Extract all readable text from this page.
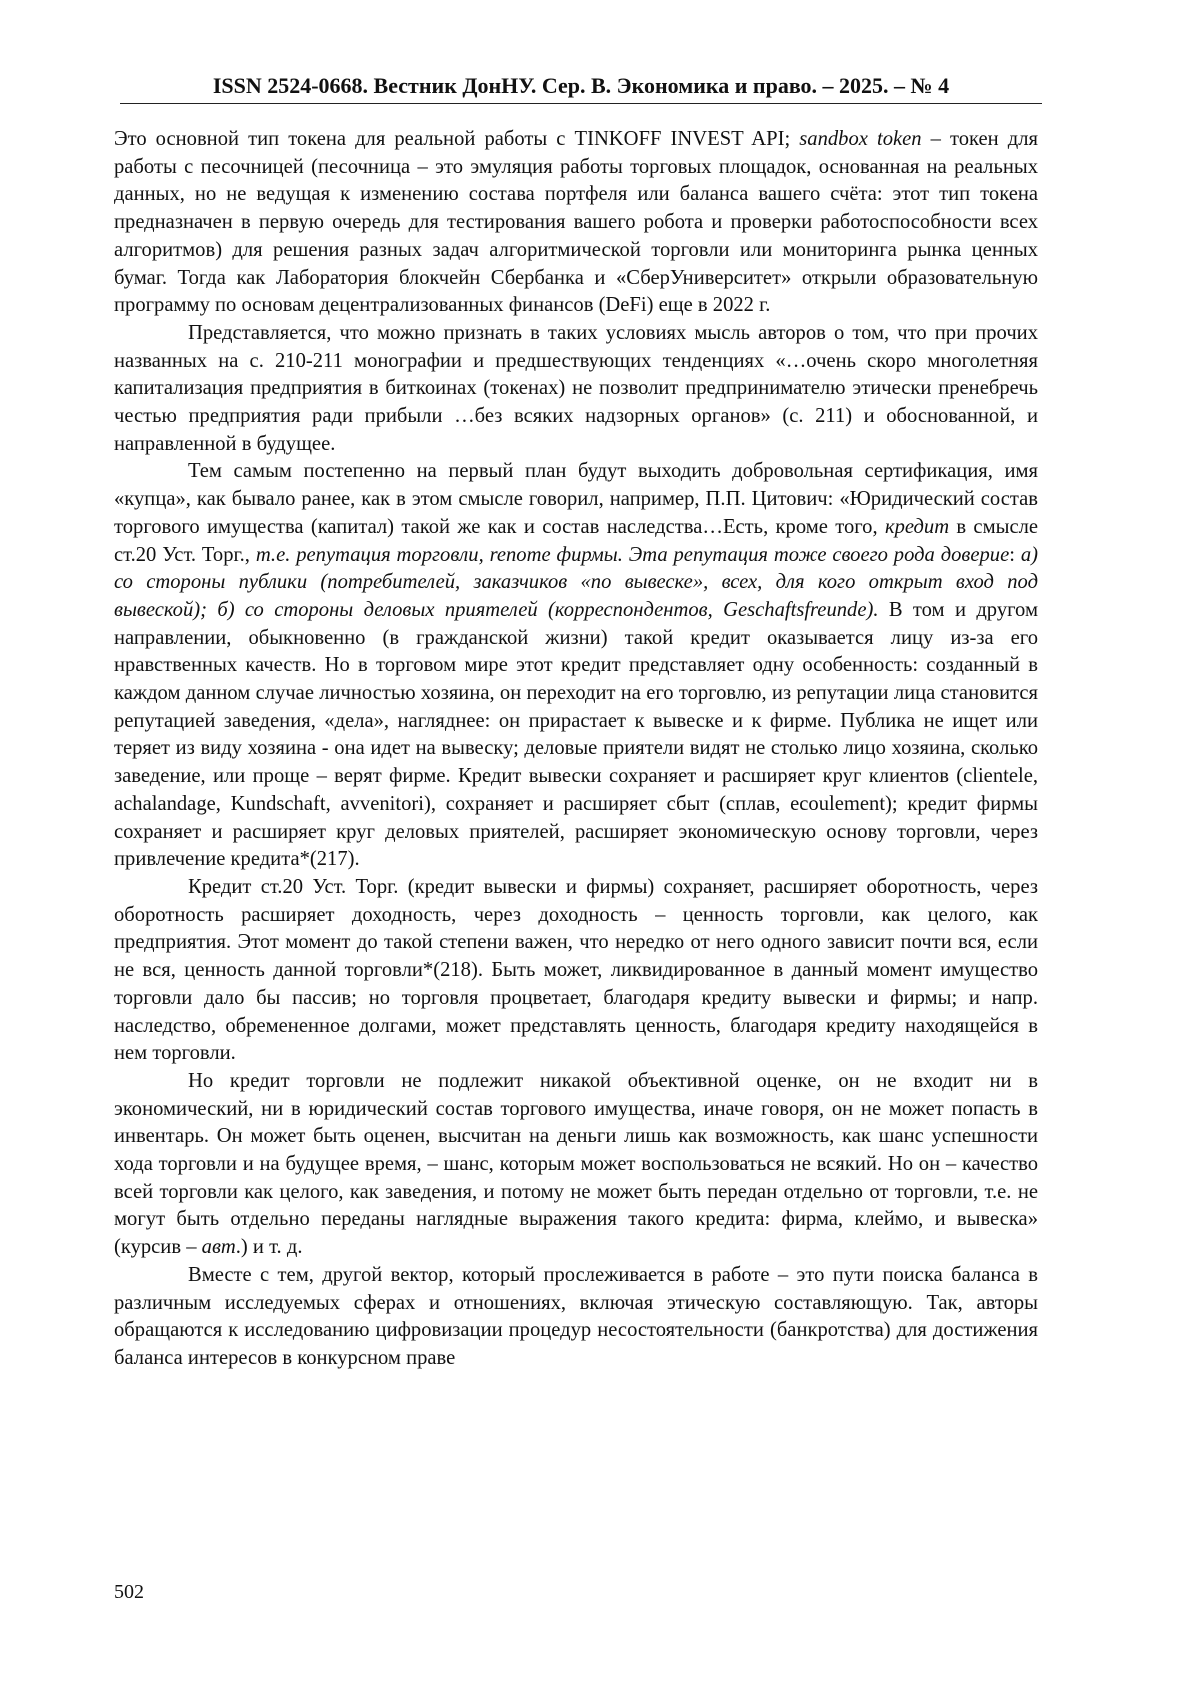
ISSN 2524-0668. Вестник ДонНУ. Сер. В. Экономика и право. – 2025. – № 4

Это основной тип токена для реальной работы с TINKOFF INVEST API; sandbox token – токен для работы с песочницей (песочница – это эмуляция работы торговых площадок, основанная на реальных данных, но не ведущая к изменению состава портфеля или баланса вашего счёта: этот тип токена предназначен в первую очередь для тестирования вашего робота и проверки работоспособности всех алгоритмов) для решения разных задач алгоритмической торговли или мониторинга рынка ценных бумаг. Тогда как Лаборатория блокчейн Сбербанка и «СберУниверситет» открыли образовательную программу по основам децентрализованных финансов (DeFi) еще в 2022 г.

Представляется, что можно признать в таких условиях мысль авторов о том, что при прочих названных на с. 210-211 монографии и предшествующих тенденциях «…очень скоро многолетняя капитализация предприятия в биткоинах (токенах) не позволит предпринимателю этически пренебречь честью предприятия ради прибыли …без всяких надзорных органов» (с. 211) и обоснованной, и направленной в будущее.

Тем самым постепенно на первый план будут выходить добровольная сертификация, имя «купца», как бывало ранее, как в этом смысле говорил, например, П.П. Цитович: «Юридический состав торгового имущества (капитал) такой же как и состав наследства…Есть, кроме того, кредит в смысле ст.20 Уст. Торг., т.е. репутация торговли, renome фирмы. Эта репутация тоже своего рода доверие: а) со стороны публики (потребителей, заказчиков «по вывеске», всех, для кого открыт вход под вывеской); б) со стороны деловых приятелей (корреспондентов, Geschaftsfreunde). В том и другом направлении, обыкновенно (в гражданской жизни) такой кредит оказывается лицу из-за его нравственных качеств. Но в торговом мире этот кредит представляет одну особенность: созданный в каждом данном случае личностью хозяина, он переходит на его торговлю, из репутации лица становится репутацией заведения, «дела», нагляднее: он прирастает к вывеске и к фирме. Публика не ищет или теряет из виду хозяина - она идет на вывеску; деловые приятели видят не столько лицо хозяина, сколько заведение, или проще – верят фирме. Кредит вывески сохраняет и расширяет круг клиентов (clientele, achalandage, Kundschaft, avvenitori), сохраняет и расширяет сбыт (сплав, ecoulement); кредит фирмы сохраняет и расширяет круг деловых приятелей, расширяет экономическую основу торговли, через привлечение кредита*(217).

Кредит ст.20 Уст. Торг. (кредит вывески и фирмы) сохраняет, расширяет оборотность, через оборотность расширяет доходность, через доходность – ценность торговли, как целого, как предприятия. Этот момент до такой степени важен, что нередко от него одного зависит почти вся, если не вся, ценность данной торговли*(218). Быть может, ликвидированное в данный момент имущество торговли дало бы пассив; но торговля процветает, благодаря кредиту вывески и фирмы; и напр. наследство, обремененное долгами, может представлять ценность, благодаря кредиту находящейся в нем торговли.

Но кредит торговли не подлежит никакой объективной оценке, он не входит ни в экономический, ни в юридический состав торгового имущества, иначе говоря, он не может попасть в инвентарь. Он может быть оценен, высчитан на деньги лишь как возможность, как шанс успешности хода торговли и на будущее время, – шанс, которым может воспользоваться не всякий. Но он – качество всей торговли как целого, как заведения, и потому не может быть передан отдельно от торговли, т.е. не могут быть отдельно переданы наглядные выражения такого кредита: фирма, клеймо, и вывеска» (курсив – авт.) и т. д.

Вместе с тем, другой вектор, который прослеживается в работе – это пути поиска баланса в различным исследуемых сферах и отношениях, включая этическую составляющую. Так, авторы обращаются к исследованию цифровизации процедур несостоятельности (банкротства) для достижения баланса интересов в конкурсном праве

502
